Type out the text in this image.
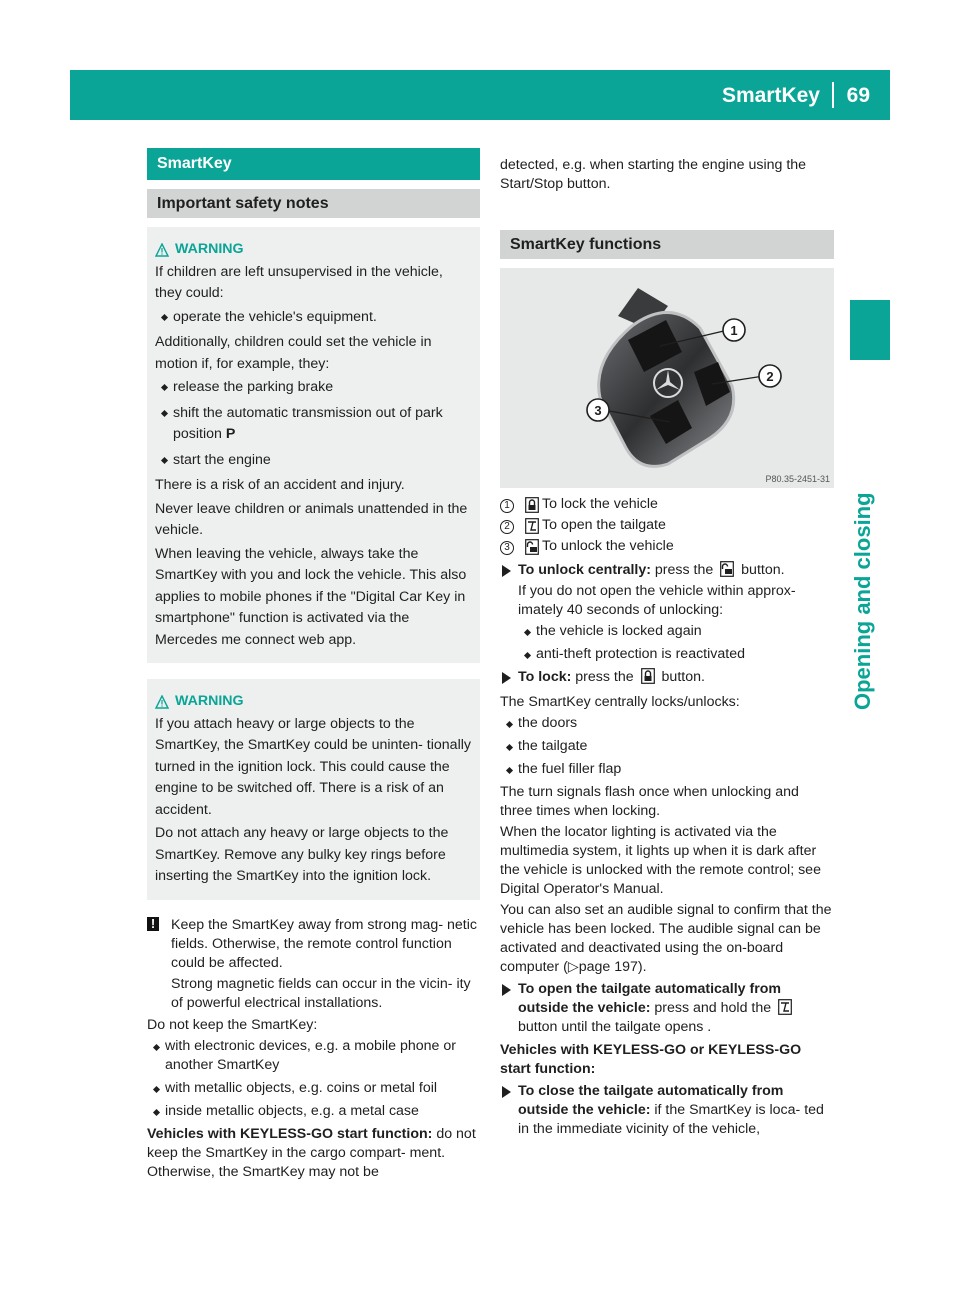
SmartKey 69
Opening and closing
SmartKey
Important safety notes
WARNING

If children are left unsupervised in the vehicle, they could:

operate the vehicle's equipment.

Additionally, children could set the vehicle in motion if, for example, they:

release the parking brake
shift the automatic transmission out of park position P
start the engine

There is a risk of an accident and injury.

Never leave children or animals unattended in the vehicle.

When leaving the vehicle, always take the SmartKey with you and lock the vehicle. This also applies to mobile phones if the "Digital Car Key in smartphone" function is activated via the Mercedes me connect web app.

WARNING

If you attach heavy or large objects to the SmartKey, the SmartKey could be uninten- tionally turned in the ignition lock. This could cause the engine to be switched off. There is a risk of an accident.

Do not attach any heavy or large objects to the SmartKey. Remove any bulky key rings before inserting the SmartKey into the ignition lock.

! Keep the SmartKey away from strong mag- netic fields. Otherwise, the remote control function could be affected.

Strong magnetic fields can occur in the vicin- ity of powerful electrical installations.

Do not keep the SmartKey:

with electronic devices, e.g. a mobile phone or another SmartKey
with metallic objects, e.g. coins or metal foil
inside metallic objects, e.g. a metal case

Vehicles with KEYLESS-GO start function: do not keep the SmartKey in the cargo compart- ment. Otherwise, the SmartKey may not be

detected, e.g. when starting the engine using the Start/Stop button.
SmartKey functions
1
2
3
P80.35-2451-31
1	To lock the vehicle
2	To open the tailgate
3	To unlock the vehicle
To unlock centrally: press the  button.

If you do not open the vehicle within approx- imately 40 seconds of unlocking:

the vehicle is locked again
anti-theft protection is reactivated
To lock: press the  button.

The SmartKey centrally locks/unlocks:

the doors
the tailgate
the fuel filler flap

The turn signals flash once when unlocking and three times when locking.

When the locator lighting is activated via the multimedia system, it lights up when it is dark after the vehicle is unlocked with the remote control; see Digital Operator's Manual.

You can also set an audible signal to confirm that the vehicle has been locked. The audible signal can be activated and deactivated using the on-board computer (▷page 197).

To open the tailgate automatically from outside the vehicle: press and hold the  button until the tailgate opens .

Vehicles with KEYLESS-GO or KEYLESS-GO start function:

To close the tailgate automatically from outside the vehicle: if the SmartKey is loca- ted in the immediate vicinity of the vehicle,
